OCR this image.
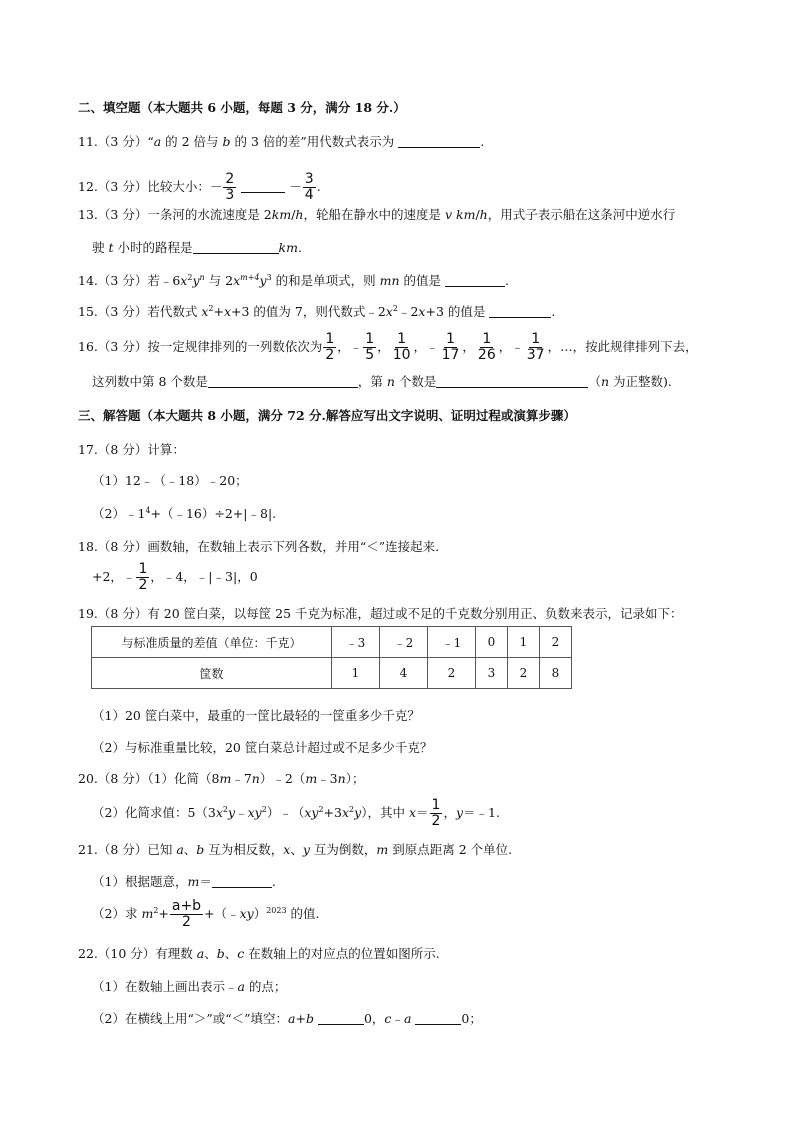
二、填空题（本大题共 6 小题，每题 3 分，满分 18 分.）
11.（3 分）“a 的 2 倍与 b 的 3 倍的差”用代数式表示为	.
12.（3 分）比较大小：－ $\frac{2}{3}$	－ $\frac{3}{4}$ .
13.（3 分）一条河的水流速度是 2km/h，轮船在静水中的速度是 v km/h，用式子表示船在这条河中逆水行
驶 t 小时的路程是	km.
14.（3 分）若$﹣6x^2y^n$ 与 $2x^{m+4}y^3$ 的和是单项式，则 mn 的值是	.
15.（3 分）若代数式 $x^2+x+3$ 的值为 7，则代数式$﹣2x^2﹣2x+3$ 的值是	.
16.（3 分）按一定规律排列的一列数依次为 $\frac{1}{2}$ ，﹣ $\frac{1}{5}$ ， $\frac{1}{10}$ ，﹣ $\frac{1}{17}$ ， $\frac{1}{26}$ ，﹣ $\frac{1}{37}$ ，…，按此规律排列下去，
这列数中第 8 个数是	，第 n 个数是	（n 为正整数).
三、解答题（本大题共 8 小题，满分 72 分.解答应写出文字说明、证明过程或演算步骤）
17.（8 分）计算：
（1）12﹣（﹣18）﹣20；
$(2)﹣1^4+(﹣16)\div 2+|﹣8|$.
18.（8 分）画数轴，在数轴上表示下列各数，并用“＜”连接起来.
+2，﹣ $\frac{1}{2}$ ，﹣4，﹣|﹣3|，0
19.（8 分）有 20 筐白菜，以每筐 25 千克为标准，超过或不足的千克数分别用正、负数来表示，记录如下：
与标准质量的差值（单位：千克）	﹣3	﹣2	﹣1	0	1	2
筐数	1	4	2	3	2	8
（1）20 筐白菜中，最重的一筐比最轻的一筐重多少千克？
（2）与标准重量比较，20 筐白菜总计超过或不足多少千克？
20.（8 分）（1）化简（8m﹣7n）﹣2（m﹣3n）；
（2）化简求值：$5(3x^2y﹣xy^2)﹣(xy^2+3x^2y)$，其中 $x= \frac{1}{2}$ ，y＝﹣1.
21.（8 分）已知 a、b 互为相反数，x、y 互为倒数，m 到原点距离 2 个单位.
（1）根据题意，m＝	.
（2）求 $m^2+ \frac{a+b}{2}$ +（﹣xy）$^{2023}$ 的值.
22.（10 分）有理数 a、b、c 在数轴上的对应点的位置如图所示.
（1）在数轴上画出表示﹣a 的点；
（2）在横线上用“＞”或“＜”填空：a+b	0，c﹣a	0；
